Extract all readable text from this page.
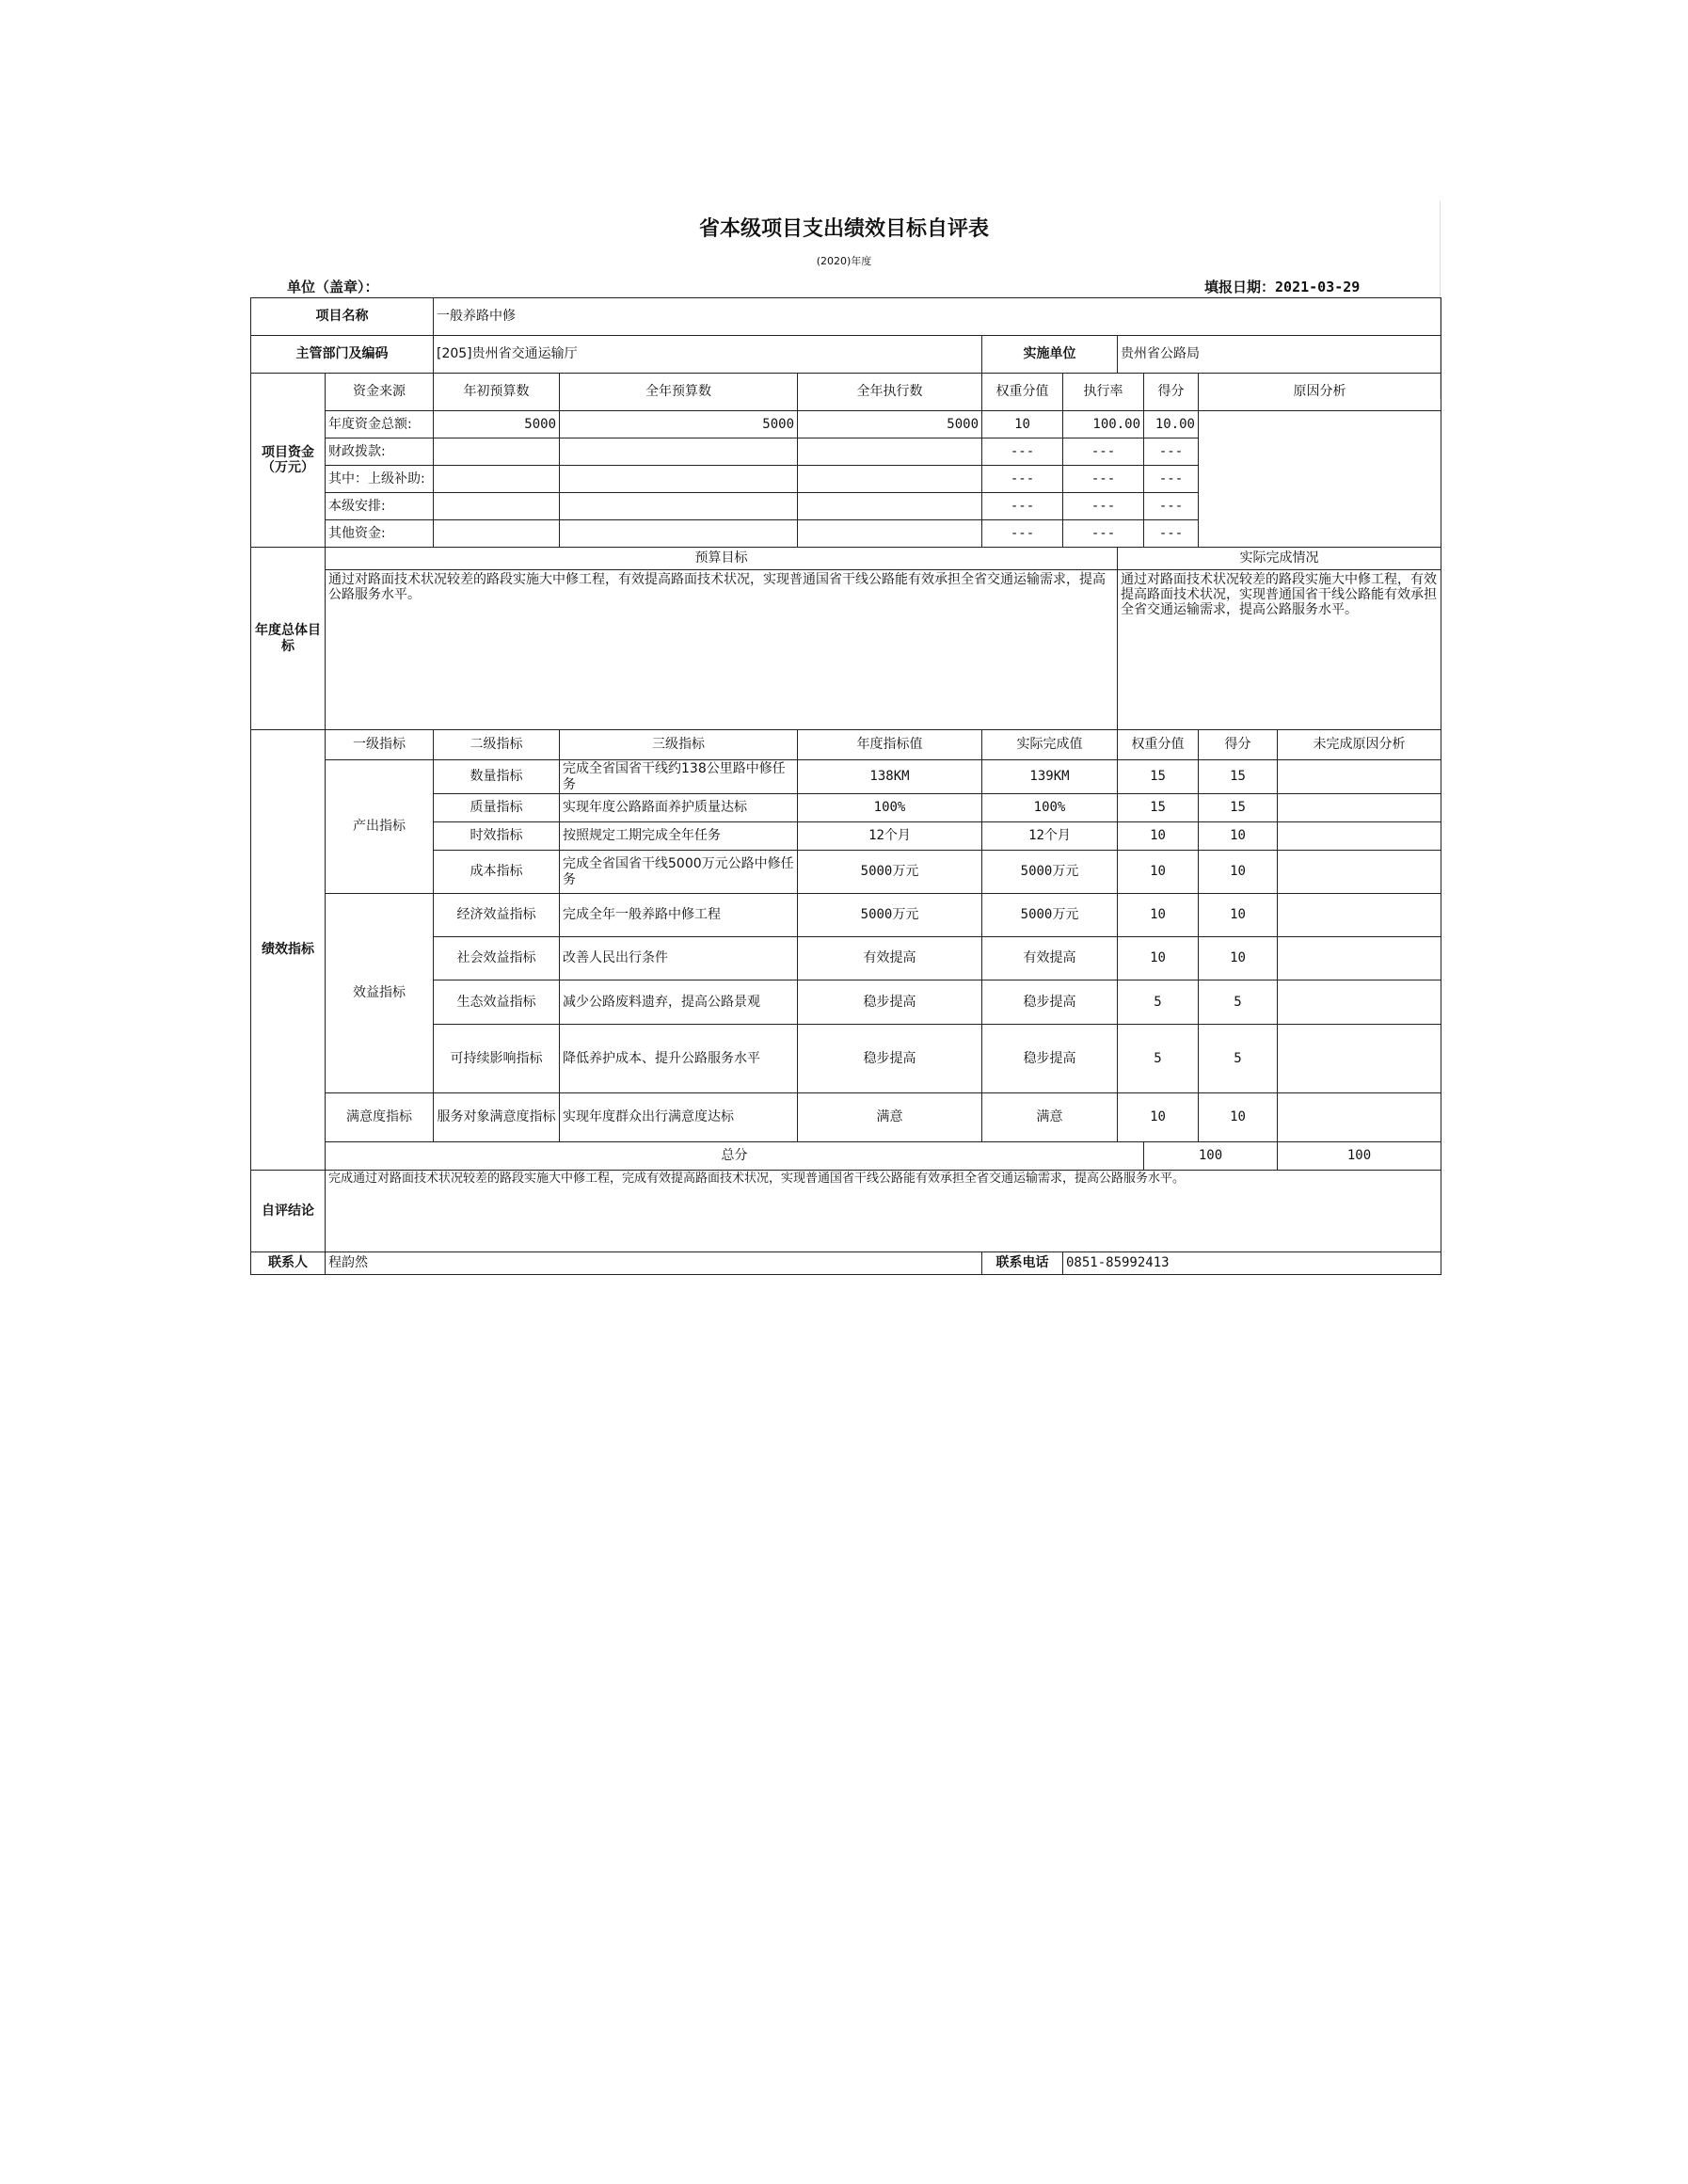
省本级项目支出绩效目标自评表
(2020)年度
单位（盖章）：	填报日期：2021-03-29
项目名称		一般养路中修									
主管部门及编码		[205]贵州省交通运输厅			实施单位		贵州省公路局				
项目资金（万元）	资金来源	年初预算数	全年预算数	全年执行数	权重分值	执行率		得分	原因分析		
	年度资金总额:	5000	5000	5000	10	100.00		10.00			
	财政拨款:				---	---		---			
	其中：上级补助:				---	---		---			
	本级安排:				---	---		---			
	其他资金:				---	---		---			
年度总体目标	预算目标						实际完成情况				
	通过对路面技术状况较差的路段实施大中修工程，有效提高路面技术状况，实现普通国省干线公路能有效承担全省交通运输需求，提高公路服务水平。						通过对路面技术状况较差的路段实施大中修工程，有效提高路面技术状况，实现普通国省干线公路能有效承担全省交通运输需求，提高公路服务水平。				
绩效指标	一级指标	二级指标	三级指标	年度指标值	实际完成值		权重分值		得分	未完成原因分析	
	产出指标	数量指标	完成全省国省干线约138公里路中修任务	138KM	139KM		15		15		
		质量指标	实现年度公路路面养护质量达标	100%	100%		15		15		
		时效指标	按照规定工期完成全年任务	12个月	12个月		10		10		
		成本指标	完成全省国省干线5000万元公路中修任务	5000万元	5000万元		10		10		
	效益指标	经济效益指标	完成全年一般养路中修工程	5000万元	5000万元		10		10		
		社会效益指标	改善人民出行条件	有效提高	有效提高		10		10		
		生态效益指标	减少公路废料遗弃，提高公路景观	稳步提高	稳步提高		5		5		
		可持续影响指标	降低养护成本、提升公路服务水平	稳步提高	稳步提高		5		5		
	满意度指标	服务对象满意度指标	实现年度群众出行满意度达标	满意	满意		10		10		
	总分							100		100	
自评结论	完成通过对路面技术状况较差的路段实施大中修工程，完成有效提高路面技术状况，实现普通国省干线公路能有效承担全省交通运输需求，提高公路服务水平。										
联系人	程韵然				联系电话	0851-85992413					
